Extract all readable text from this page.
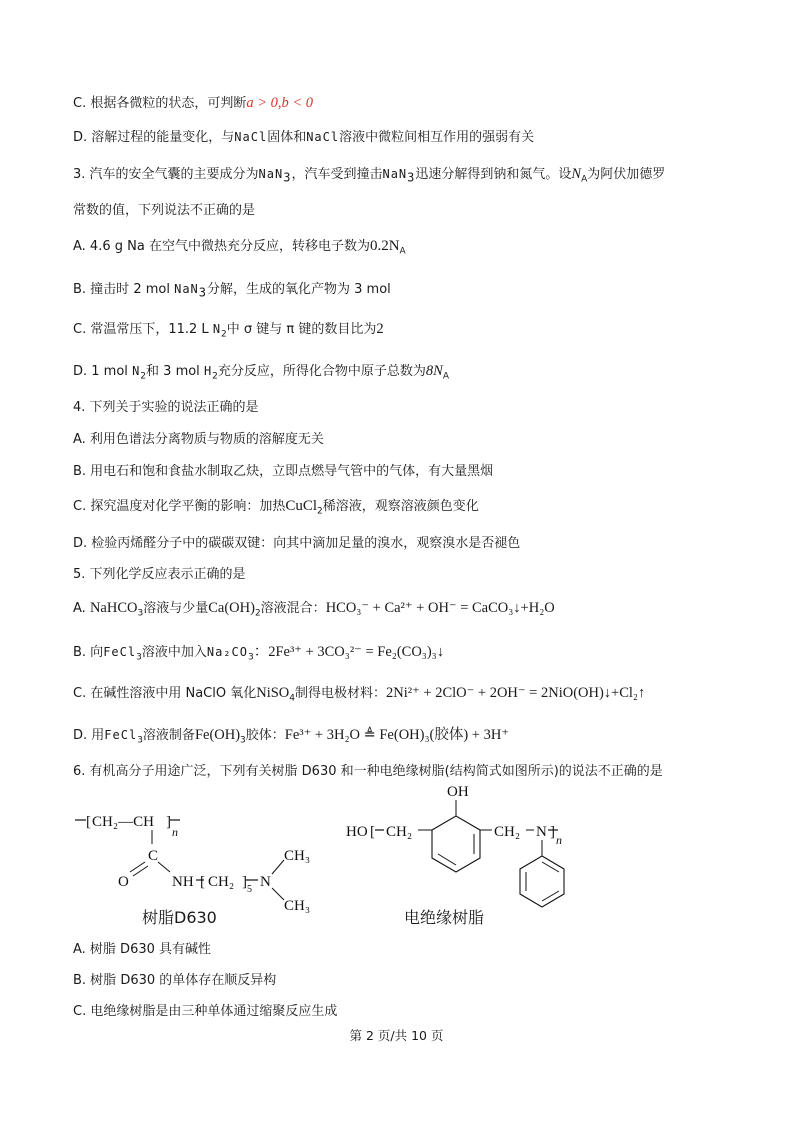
C. 根据各微粒的状态，可判断a > 0,b < 0
D. 溶解过程的能量变化，与NaCl固体和NaCl溶液中微粒间相互作用的强弱有关
3. 汽车的安全气囊的主要成分为NaN$_3$，汽车受到撞击NaN$_3$迅速分解得到钠和氮气。设$N_A$为阿伏加德罗
常数的值，下列说法不正确的是
A. 4.6 g Na 在空气中微热充分反应，转移电子数为$0.2N_A$
B. 撞击时 2 mol NaN$_3$分解，生成的氧化产物为 3 mol
C. 常温常压下，11.2 L $N_2$中 σ 键与 π 键的数目比为2
D. 1 mol $N_2$和 3 mol $H_2$充分反应，所得化合物中原子总数为$8N_A$
4. 下列关于实验的说法正确的是
A. 利用色谱法分离物质与物质的溶解度无关
B. 用电石和饱和食盐水制取乙炔，立即点燃导气管中的气体，有大量黑烟
C. 探究温度对化学平衡的影响：加热CuCl$_2$稀溶液，观察溶液颜色变化
D. 检验丙烯醛分子中的碳碳双键：向其中滴加足量的溴水，观察溴水是否褪色
5. 下列化学反应表示正确的是
A. NaHCO$_3$溶液与少量$Ca(OH)_2$溶液混合：HCO₃⁻ + Ca²⁺ + OH⁻ = CaCO₃↓+H₂O
B. 向FeCl$_3$溶液中加入$Na_2CO_3$：2Fe³⁺ + 3CO₃²⁻ = Fe₂(CO₃)₃↓
C. 在碱性溶液中用 NaClO 氧化NiSO$_4$制得电极材料：2Ni²⁺ + 2ClO⁻ + 2OH⁻ = 2NiO(OH)↓+Cl₂↑
D. 用FeCl$_3$溶液制备$Fe(OH)_3$胶体：Fe³⁺ + 3H₂O ≜ Fe(OH)₃(胶体) + 3H⁺
6. 有机高分子用途广泛，下列有关树脂 D630 和一种电绝缘树脂(结构简式如图所示)的说法不正确的是
[ CH₂—CH ]
n
C
O	NH [ CH₂ ] 5 N
CH₃
CH₃
HO [ CH₂
OH
CH₂ N ] n
树脂D630	电绝缘树脂
A. 树脂 D630 具有碱性
B. 树脂 D630 的单体存在顺反异构
C. 电绝缘树脂是由三种单体通过缩聚反应生成
第 2 页/共 10 页
